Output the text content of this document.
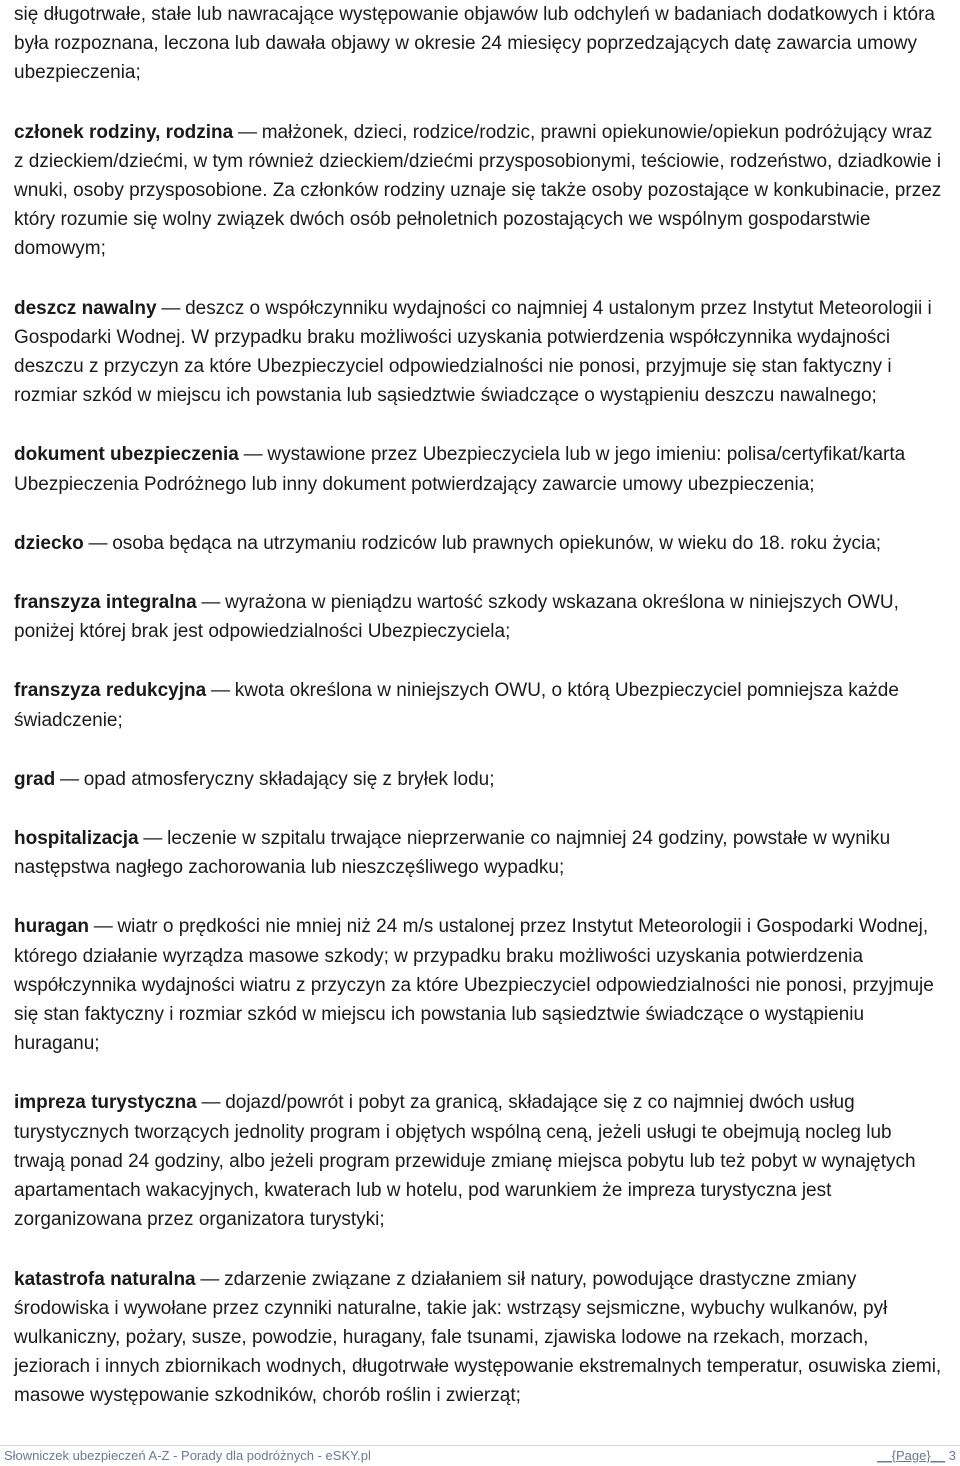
się długotrwałe, stałe lub nawracające występowanie objawów lub odchyleń w badaniach dodatkowych i która była rozpoznana, leczona lub dawała objawy w okresie 24 miesięcy poprzedzających datę zawarcia umowy ubezpieczenia;

członek rodziny, rodzina — małżonek, dzieci, rodzice/rodzic, prawni opiekunowie/opiekun podróżujący wraz z dzieckiem/dziećmi, w tym również dzieckiem/dziećmi przysposobionymi, teściowie, rodzeństwo, dziadkowie i wnuki, osoby przysposobione. Za członków rodziny uznaje się także osoby pozostające w konkubinacie, przez który rozumie się wolny związek dwóch osób pełnoletnich pozostających we wspólnym gospodarstwie domowym;

deszcz nawalny — deszcz o współczynniku wydajności co najmniej 4 ustalonym przez Instytut Meteorologii i Gospodarki Wodnej. W przypadku braku możliwości uzyskania potwierdzenia współczynnika wydajności deszczu z przyczyn za które Ubezpieczyciel odpowiedzialności nie ponosi, przyjmuje się stan faktyczny i rozmiar szkód w miejscu ich powstania lub sąsiedztwie świadczące o wystąpieniu deszczu nawalnego;

dokument ubezpieczenia — wystawione przez Ubezpieczyciela lub w jego imieniu: polisa/certyfikat/karta Ubezpieczenia Podróżnego lub inny dokument potwierdzający zawarcie umowy ubezpieczenia;

dziecko — osoba będąca na utrzymaniu rodziców lub prawnych opiekunów, w wieku do 18. roku życia;

franszyza integralna — wyrażona w pieniądzu wartość szkody wskazana określona w niniejszych OWU, poniżej której brak jest odpowiedzialności Ubezpieczyciela;

franszyza redukcyjna — kwota określona w niniejszych OWU, o którą Ubezpieczyciel pomniejsza każde świadczenie;

grad — opad atmosferyczny składający się z bryłek lodu;

hospitalizacja — leczenie w szpitalu trwające nieprzerwanie co najmniej 24 godziny, powstałe w wyniku następstwa nagłego zachorowania lub nieszczęśliwego wypadku;

huragan — wiatr o prędkości nie mniej niż 24 m/s ustalonej przez Instytut Meteorologii i Gospodarki Wodnej, którego działanie wyrządza masowe szkody; w przypadku braku możliwości uzyskania potwierdzenia współczynnika wydajności wiatru z przyczyn za które Ubezpieczyciel odpowiedzialności nie ponosi, przyjmuje się stan faktyczny i rozmiar szkód w miejscu ich powstania lub sąsiedztwie świadczące o wystąpieniu huraganu;

impreza turystyczna — dojazd/powrót i pobyt za granicą, składające się z co najmniej dwóch usług turystycznych tworzących jednolity program i objętych wspólną ceną, jeżeli usługi te obejmują nocleg lub trwają ponad 24 godziny, albo jeżeli program przewiduje zmianę miejsca pobytu lub też pobyt w wynajętych apartamentach wakacyjnych, kwaterach lub w hotelu, pod warunkiem że impreza turystyczna jest zorganizowana przez organizatora turystyki;

katastrofa naturalna — zdarzenie związane z działaniem sił natury, powodujące drastyczne zmiany środowiska i wywołane przez czynniki naturalne, takie jak: wstrząsy sejsmiczne, wybuchy wulkanów, pył wulkaniczny, pożary, susze, powodzie, huragany, fale tsunami, zjawiska lodowe na rzekach, morzach, jeziorach i innych zbiornikach wodnych, długotrwałe występowanie ekstremalnych temperatur, osuwiska ziemi, masowe występowanie szkodników, chorób roślin i zwierząt;

Słowniczek ubezpieczeń A-Z - Porady dla podróżnych - eSKY.pl	__{Page}__ 3
